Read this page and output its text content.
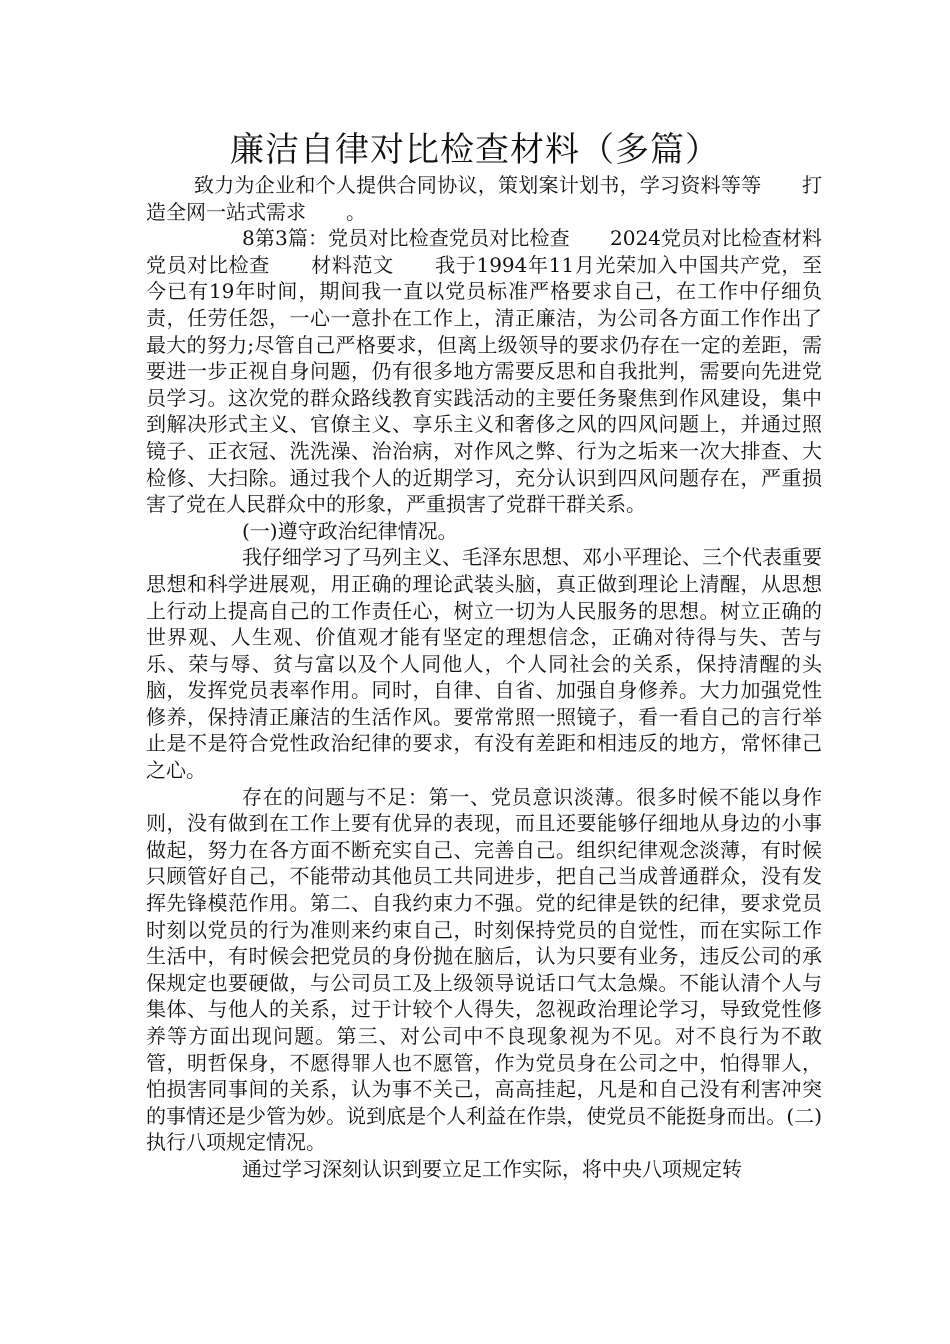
廉洁自律对比检查材料（多篇）

致力为企业和个人提供合同协议，策划案计划书，学习资料等等　　打造全网一站式需求　　。

8第3篇：党员对比检查党员对比检查　　2024党员对比检查材料党员对比检查　　材料范文　　我于1994年11月光荣加入中国共产党，至今已有19年时间，期间我一直以党员标准严格要求自己，在工作中仔细负责，任劳任怨，一心一意扑在工作上，清正廉洁，为公司各方面工作作出了最大的努力;尽管自己严格要求，但离上级领导的要求仍存在一定的差距，需要进一步正视自身问题，仍有很多地方需要反思和自我批判，需要向先进党员学习。这次党的群众路线教育实践活动的主要任务聚焦到作风建设，集中到解决形式主义、官僚主义、享乐主义和奢侈之风的四风问题上，并通过照镜子、正衣冠、洗洗澡、治治病，对作风之弊、行为之垢来一次大排查、大检修、大扫除。通过我个人的近期学习，充分认识到四风问题存在，严重损害了党在人民群众中的形象，严重损害了党群干群关系。

(一)遵守政治纪律情况。

我仔细学习了马列主义、毛泽东思想、邓小平理论、三个代表重要思想和科学进展观，用正确的理论武装头脑，真正做到理论上清醒，从思想上行动上提高自己的工作责任心，树立一切为人民服务的思想。树立正确的世界观、人生观、价值观才能有坚定的理想信念，正确对待得与失、苦与乐、荣与辱、贫与富以及个人同他人，个人同社会的关系，保持清醒的头脑，发挥党员表率作用。同时，自律、自省、加强自身修养。大力加强党性修养，保持清正廉洁的生活作风。要常常照一照镜子，看一看自己的言行举止是不是符合党性政治纪律的要求，有没有差距和相违反的地方，常怀律己之心。

存在的问题与不足：第一、党员意识淡薄。很多时候不能以身作则，没有做到在工作上要有优异的表现，而且还要能够仔细地从身边的小事做起，努力在各方面不断充实自己、完善自己。组织纪律观念淡薄，有时候只顾管好自己，不能带动其他员工共同进步，把自己当成普通群众，没有发挥先锋模范作用。第二、自我约束力不强。党的纪律是铁的纪律，要求党员时刻以党员的行为准则来约束自己，时刻保持党员的自觉性，而在实际工作生活中，有时候会把党员的身份抛在脑后，认为只要有业务，违反公司的承保规定也要硬做，与公司员工及上级领导说话口气太急燥。不能认清个人与集体、与他人的关系，过于计较个人得失，忽视政治理论学习，导致党性修养等方面出现问题。第三、对公司中不良现象视为不见。对不良行为不敢管，明哲保身，不愿得罪人也不愿管，作为党员身在公司之中，怕得罪人，怕损害同事间的关系，认为事不关己，高高挂起，凡是和自己没有利害冲突的事情还是少管为妙。说到底是个人利益在作祟，使党员不能挺身而出。(二)执行八项规定情况。

通过学习深刻认识到要立足工作实际，将中央八项规定转
